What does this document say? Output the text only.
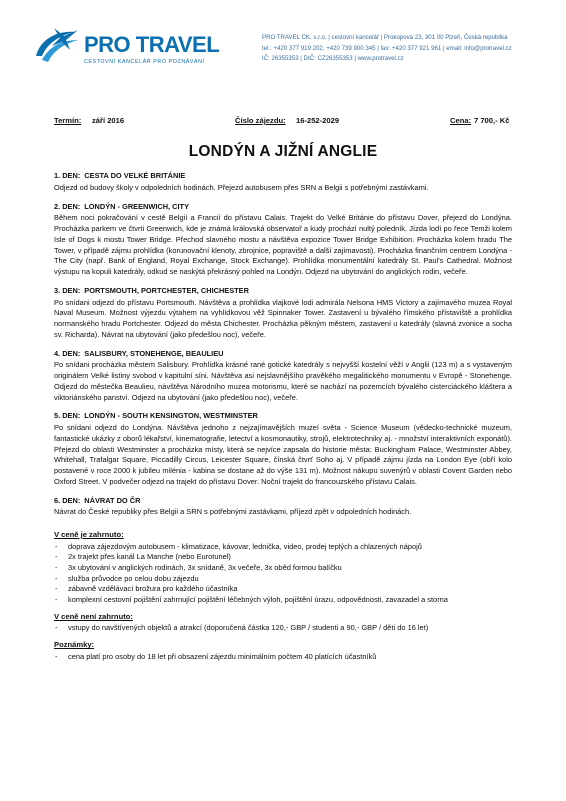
PRO TRAVEL
CESTOVNÍ KANCELÁŘ PRO POZNÁVÁNÍ
PRO TRAVEL CK, s.r.o. | cestovní kancelář | Prokopova 23, 301 00 Plzeň, Česká republika
tel.: +420 377 919 202, +420 739 900 345 | fax: +420 377 921 961 | email: info@protravel.cz
IČ: 26355353 | DIČ: CZ26355353 | www.protravel.cz
Termín: září 2016	Číslo zájezdu: 16-252-2029	Cena: 7 700,- Kč
LONDÝN A JIŽNÍ ANGLIE
1. DEN: CESTA DO VELKÉ BRITÁNIE
Odjezd od budovy školy v odpoledních hodinách. Přejezd autobusem přes SRN a Belgii s potřebnými zastávkami.
2. DEN: LONDÝN - GREENWICH, CITY
Během noci pokračování v cestě Belgií a Francií do přístavu Calais. Trajekt do Velké Británie do přístavu Dover, přejezd do Londýna. Procházka parkem ve čtvrti Greenwich, kde je známá královská observatoř a kudy prochází nultý poledník. Jízda lodí po řece Temži kolem Isle of Dogs k mostu Tower Bridge. Přechod slavného mostu a návštěva expozice Tower Bridge Exhibition. Procházka kolem hradu The Tower, v případě zájmu prohlídka (korunovační klenoty, zbrojnice, popraviště a další zajímavosti). Procházka finančním centrem Londýna - The City (např. Bank of England, Royal Exchange, Stock Exchange). Prohlídka monumentální katedrály St. Paul's Cathedral. Možnost výstupu na kopuli katedrály, odkud se naskýtá překrásný pohled na Londýn. Odjezd na ubytování do anglických rodin, večeře.
3. DEN: PORTSMOUTH, PORTCHESTER, CHICHESTER
Po snídani odjezd do přístavu Portsmouth. Návštěva a prohlídka vlajkové lodi admirála Nelsona HMS Victory a zajímavého muzea Royal Naval Museum. Možnost výjezdu výtahem na vyhlídkovou věž Spinnaker Tower. Zastavení u bývalého římského přístaviště a prohlídka normanského hradu Portchester. Odjezd do města Chichester. Procházka pěkným městem, zastavení u katedrály (slavná zvonice a socha sv. Richarda). Návrat na ubytování (jako předešlou noc), večeře.
4. DEN: SALISBURY, STONEHENGE, BEAULIEU
Po snídani procházka městem Salisbury. Prohlídka krásné rané gotické katedrály s nejvyšší kostelní věží v Anglii (123 m) a s vystaveným originálem Velké listiny svobod v kapitulní síni. Návštěva asi nejslavnějšího pravěkého megalitického monumentu v Evropě - Stonehenge. Odjezd do městečka Beaulieu, návštěva Národního muzea motorismu, které se nachází na pozemcích bývalého cisterciáckého kláštera a viktoriánského panství. Odjezd na ubytování (jako předešlou noc), večeře.
5. DEN: LONDÝN - SOUTH KENSINGTON, WESTMINSTER
Po snídani odjezd do Londýna. Návštěva jednoho z nejzajímavějších muzeí světa - Science Museum (vědecko-technické muzeum, fantastické ukázky z oborů lékařství, kinematografie, letectví a kosmonautiky, strojů, elektrotechniky aj. - množství interaktivních exponátů). Přejezd do oblasti Westminster a procházka místy, která se nejvíce zapsala do historie města: Buckingham Palace, Westminster Abbey, Whitehall, Trafalgar Square, Piccadilly Circus, Leicester Square, čínská čtvrť Soho aj. V případě zájmu jízda na London Eye (obří kolo postavené v roce 2000 k jubileu milénia - kabina se dostane až do výše 131 m). Možnost nákupu suvenýrů v oblasti Covent Garden nebo Oxford Street. V podvečer odjezd na trajekt do přístavu Dover. Noční trajekt do francouzského přístavu Calais.
6. DEN: NÁVRAT DO ČR
Návrat do České republiky přes Belgii a SRN s potřebnými zastávkami, příjezd zpět v odpoledních hodinách.
V ceně je zahrnuto:
- doprava zájezdovým autobusem - klimatizace, kávovar, lednička, video, prodej teplých a chlazených nápojů
- 2x trajekt přes kanál La Manche (nebo Eurotunel)
- 3x ubytování v anglických rodinách, 3x snídaně, 3x večeře, 3x oběd formou balíčku
- služba průvodce po celou dobu zájezdu
- zábavně vzdělávací brožura pro každého účastníka
- komplexní cestovní pojištění zahrnující pojištění léčebných výloh, pojištění úrazu, odpovědnosti, zavazadel a storna
V ceně není zahrnuto:
- vstupy do navštívených objektů a atrakcí (doporučená částka 120,- GBP / studenti a 90,- GBP / děti do 16 let)
Poznámky:
- cena platí pro osoby do 18 let při obsazení zájezdu minimálním počtem 40 platících účastníků
